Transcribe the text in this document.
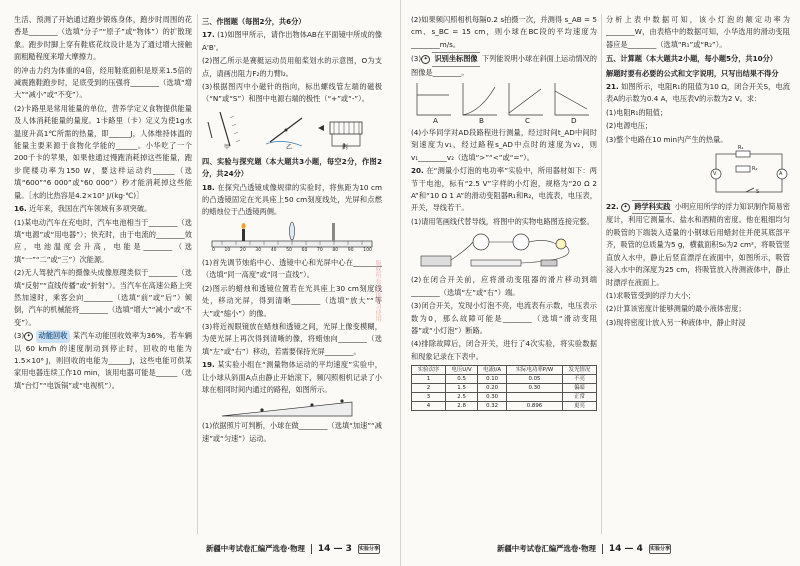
生活、预测了开始通过跑步锻炼身体，跑步时周围的花香是________（选填“分子”“原子”或“物体”）的扩散现象。跑步时脚上穿有鞋底花纹设计是为了通过增大接触面粗糙程度来增大摩擦力。

的冲击力约为体重的4倍，经用鞋底面积是原来1.5倍的减震跑鞋跑步时，足底受到的压强将________（选填“增大”“减小”或“不变”）。

(2)卡路里是常用能量的单位，营养学定义食物提供能量及人体消耗能量的量度。1卡路里（卡）定义为使1g水温度升高1℃所需的热量，即______J，人体维持体温的能量主要来源于食物化学能的______。小华吃了一个200千卡的苹果，如果他通过慢跑消耗掉这些能量，跑步爬楼功率为150 W，要这样运动约______（选填“600”“6 000”或“60 000”）秒才能消耗掉这些能量。［水的比热容是4.2×10³ J/(kg·℃)］

16. 近年来，我国在汽车领域有多项突破。

(1)某电动汽车在充电时，汽车电池相当于________（选填“电源”或“用电器”）；快充时，由于电流的________效应，电池温度会升高，电能是________（选填“一”“二”或“三”）次能源。

(2)无人驾驶汽车的摄像头成像原理类似于________（选填“反射”“直线传播”或“折射”）。当汽车在高速公路上突然加速时，乘客会向________（选填“前”或“后”）倾倒，汽车的机械能将________（选填“增大”“减小”或“不变”）。

(3) ✦ 动能回收 某汽车动能回收效率为36%，若车辆以 60 km/h 的速度制动到停止时，回收的电能为 1.5×10⁶ J，则回收的电能为______J，这些电能可供某家用电器连续工作10 min，该用电器可能是______（选填“台灯”“电饭锅”或“电视机”）。

三、作图题（每图2分，共6分）

17. (1)如图甲所示，请作出物体AB在平面镜中所成的像A'B'。

(2)图乙所示是赛艇运动员用船桨划水的示意图，O为支点，请画出阻力F₂的力臂l₂。

(3)根据图丙中小磁针的指向，标出螺线管左端的磁极（“N”或“S”）和图中电源右端的极性（“+”或“-”）。

甲	乙	丙

四、实验与探究题（本大题共3小题，每空2分，作图2分，共24分）

18. 在探究凸透镜成像规律的实验时，将焦距为10 cm的凸透镜固定在光具座上50 cm刻度线处，光屏和点燃的蜡烛位于凸透镜两侧。

0 10 20 30 40 50 60 70 80 90 100

(1)首先调节烛焰中心、透镜中心和光屏中心在________（选填“同一高度”或“同一直线”）。

(2)图示的蜡烛和透镜位置若在光具座上30 cm刻度线处，移动光屏，得到清晰________（选填“放大”“等大”或“缩小”）的像。

(3)将近视眼镜放在蜡烛和透镜之间，光屏上像变模糊，为使光屏上再次得到清晰的像，将蜡烛向________（选填“左”或“右”）移动，若需要保持光屏________。

19. 某实验小组在“测量物体运动的平均速度”实验中，让小球从斜面A点由静止开始滚下，频闪照相机记录了小球在相同时间内通过的路程，如图所示。

(1)依据照片可判断，小球在做________（选填“加速”“减速”或“匀速”）运动。

版权所有·仅供学习使用
新疆中考试卷汇编严选卷·物理 14 — 3 实验分享

(2)如果频闪照相机每隔0.2 s拍摄一次，并测得 s_AB = 5 cm、s_BC = 15 cm，则小球在BC段的平均速度为________m/s。

(3) ✦ 识别坐标图像 下列能说明小球在斜面上运动情况的图像是________。

A	B	C	D

(4)小华同学对AD段路程进行测量，经过时间t_AD中间时刻速度为v₁，经过路程s_AD中点时的速度为v₂，则v₁________v₂（选填“>”“<”或“=”）。

20. 在“测量小灯泡的电功率”实验中，所用器材如下：两节干电池，标有“2.5 V”字样的小灯泡，规格为“20 Ω 2 A”和“10 Ω 1 A”的滑动变阻器R₁和R₂，电流表，电压表，开关，导线若干。

(1)请用笔画线代替导线，将图中的实物电路图连接完整。

(2)在闭合开关前，应将滑动变阻器的滑片移动到端________（选填“左”或“右”）端。

(3)闭合开关，发现小灯泡不亮，电流表有示数，电压表示数为0，那么故障可能是________（选填“滑动变阻器”或“小灯泡”）断路。

(4)排除故障后，闭合开关，进行了4次实验，将实验数据和现象记录在下表中。

实验次序	电压U/V	电流I/A	实际电功率P/W	发光情况
1	0.5	0.10	0.05	不亮
2	1.5	0.20	0.30	偏暗
3	2.5	0.30		正常
4	2.8	0.32	0.896	更亮

分析上表中数据可知，该小灯泡的额定功率为________W，由表格中的数据可知，小华选用的滑动变阻器应是________（选填“R₁”或“R₂”）。

五、计算题（本大题共2小题，每小题5分，共10分）

解题时要有必要的公式和文字说明，只写出结果不得分

21. 如图所示，电阻R₁的阻值为10 Ω，闭合开关S，电流表A的示数为0.4 A，电压表V的示数为2 V。求：

(1)电阻R₁的阻值；

(2)电源电压；

(3)整个电路在10 min内产生的热量。

R₁
R₂
V	A
S

22. ✦ 跨学科实践 小明应用所学的浮力知识制作简易密度计，利用它测量水、盐水和酒精的密度。他在粗细均匀的吸管的下端装入适量的小钢球后用蜡封住并使其底部平齐，吸管的总质量为5 g，横截面积S₀为2 cm²，将吸管竖直放入水中，静止后竖直漂浮在液面中，如图所示，吸管浸入水中的深度为25 cm，将吸管放入待测液体中，静止时漂浮在液面上。

(1)求吸管受到的浮力大小；

(2)计算该密度计能够测量的最小液体密度；

(3)现将密度计放入另一种液体中，静止时浸

新疆中考试卷汇编严选卷·物理 14 — 4 实验分享
